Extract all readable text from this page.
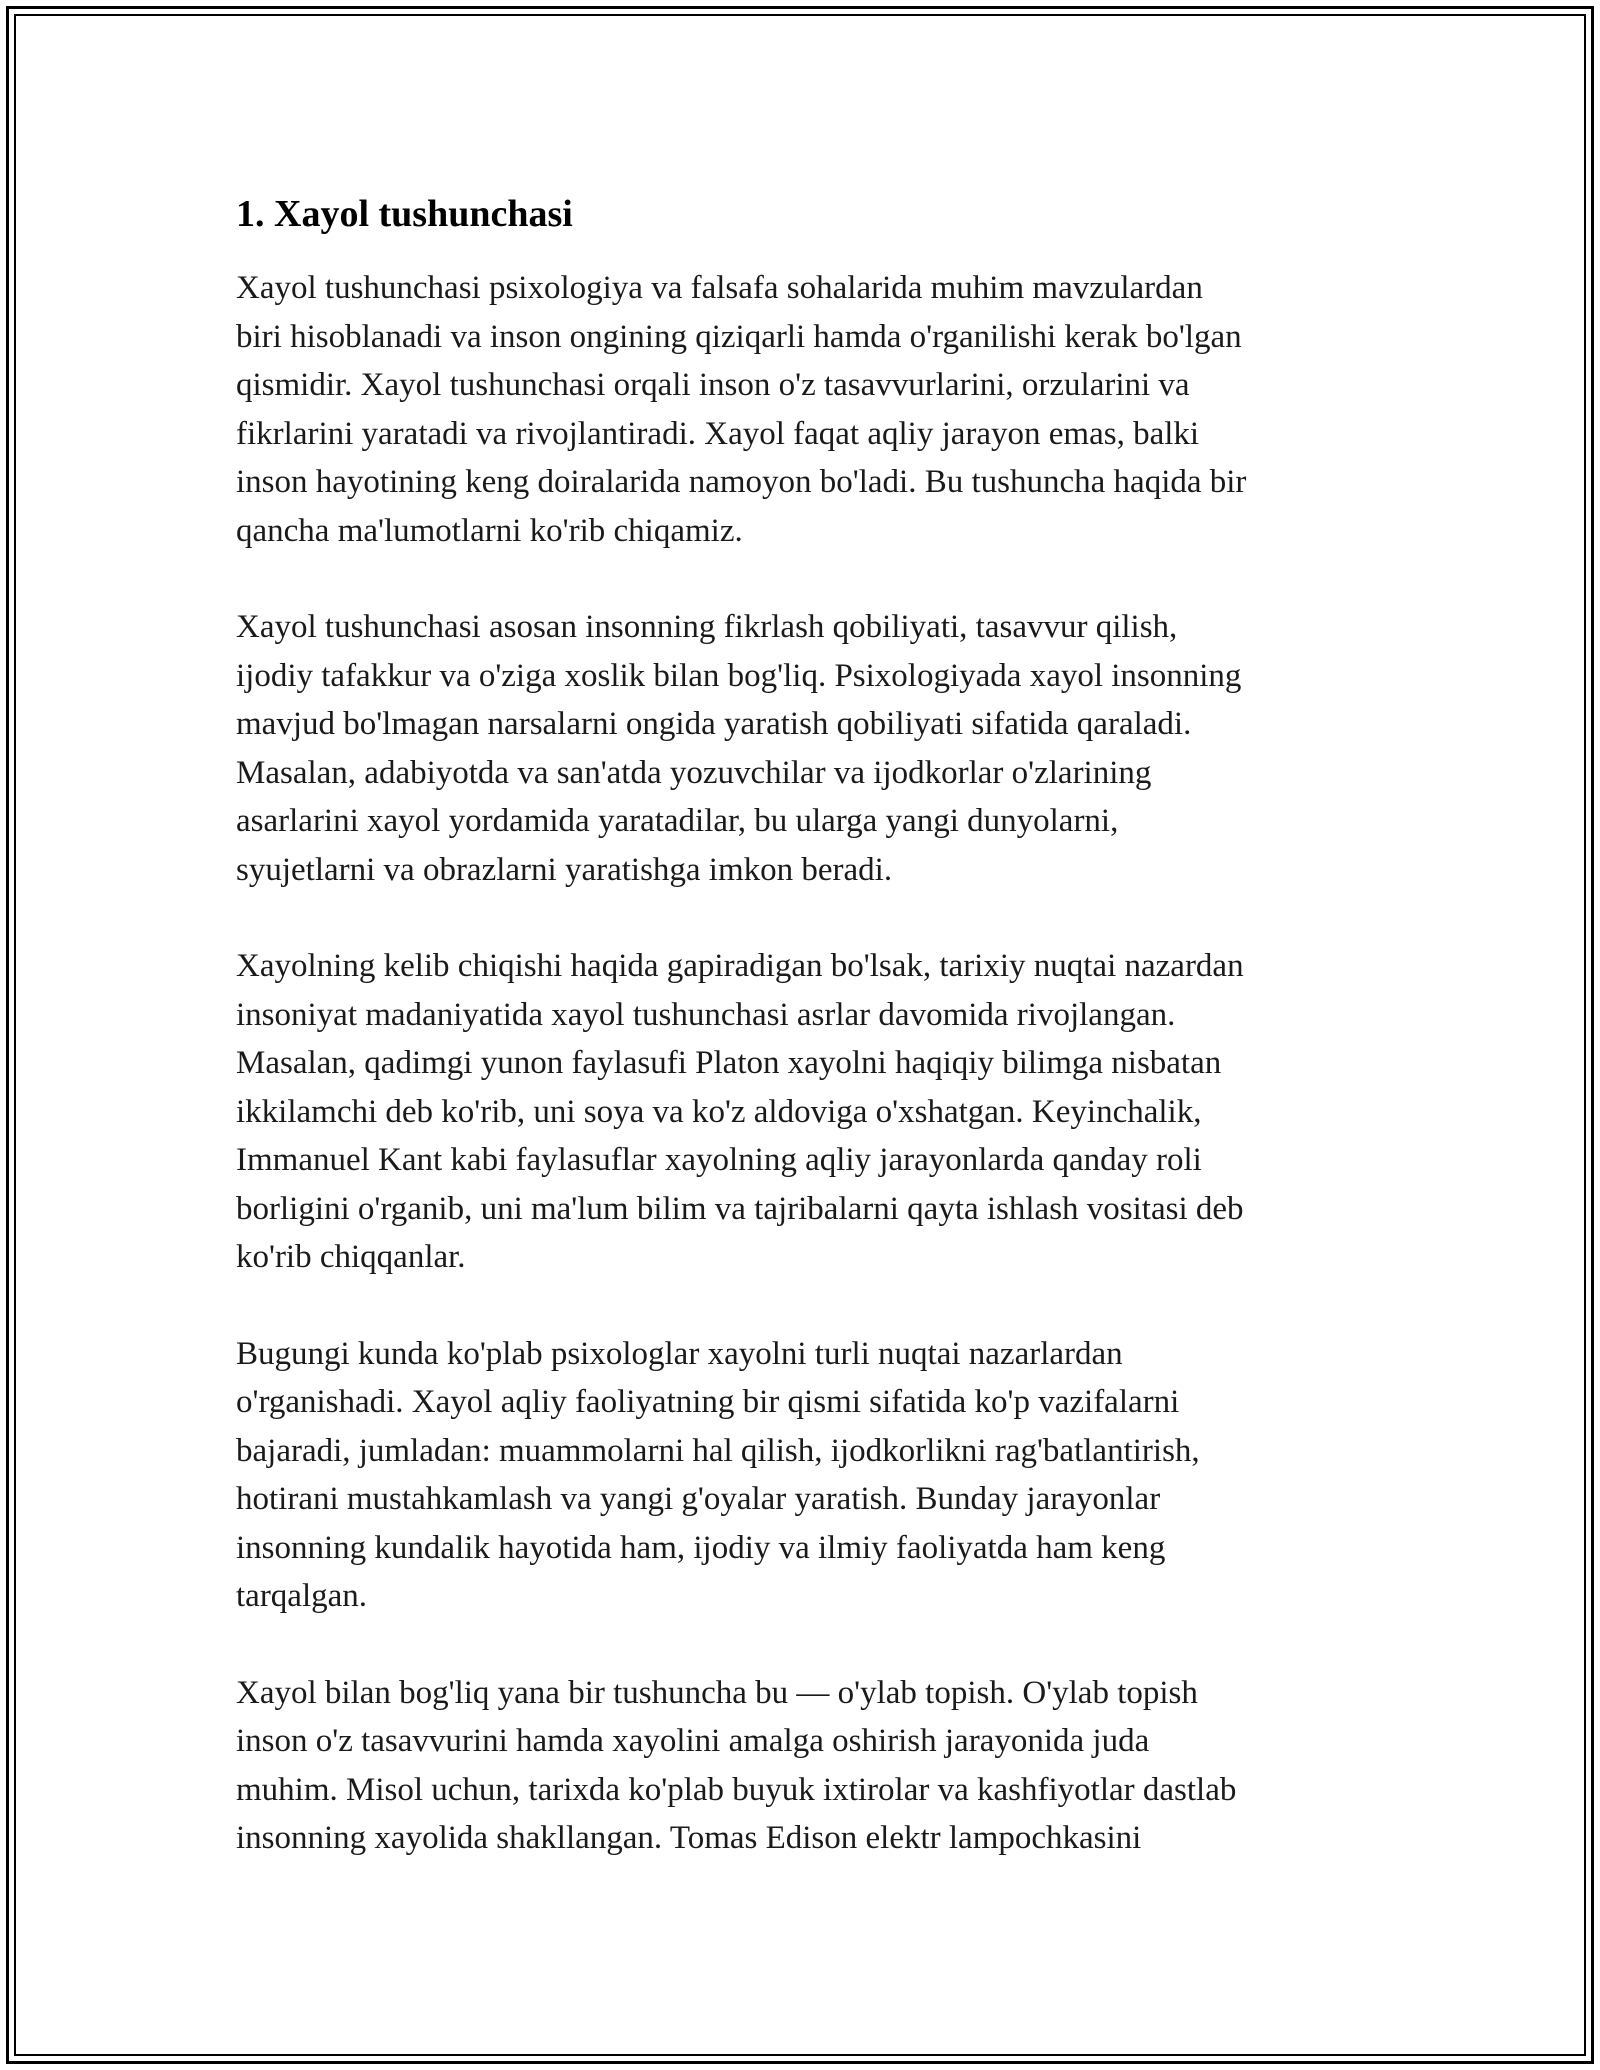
1. Xayol tushunchasi

Xayol tushunchasi psixologiya va falsafa sohalarida muhim mavzulardan
biri hisoblanadi va inson ongining qiziqarli hamda o'rganilishi kerak bo'lgan
qismidir. Xayol tushunchasi orqali inson o'z tasavvurlarini, orzularini va
fikrlarini yaratadi va rivojlantiradi. Xayol faqat aqliy jarayon emas, balki
inson hayotining keng doiralarida namoyon bo'ladi. Bu tushuncha haqida bir
qancha ma'lumotlarni ko'rib chiqamiz.

Xayol tushunchasi asosan insonning fikrlash qobiliyati, tasavvur qilish,
ijodiy tafakkur va o'ziga xoslik bilan bog'liq. Psixologiyada xayol insonning
mavjud bo'lmagan narsalarni ongida yaratish qobiliyati sifatida qaraladi.
Masalan, adabiyotda va san'atda yozuvchilar va ijodkorlar o'zlarining
asarlarini xayol yordamida yaratadilar, bu ularga yangi dunyolarni,
syujetlarni va obrazlarni yaratishga imkon beradi.

Xayolning kelib chiqishi haqida gapiradigan bo'lsak, tarixiy nuqtai nazardan
insoniyat madaniyatida xayol tushunchasi asrlar davomida rivojlangan.
Masalan, qadimgi yunon faylasufi Platon xayolni haqiqiy bilimga nisbatan
ikkilamchi deb ko'rib, uni soya va ko'z aldoviga o'xshatgan. Keyinchalik,
Immanuel Kant kabi faylasuflar xayolning aqliy jarayonlarda qanday roli
borligini o'rganib, uni ma'lum bilim va tajribalarni qayta ishlash vositasi deb
ko'rib chiqqanlar.

Bugungi kunda ko'plab psixologlar xayolni turli nuqtai nazarlardan
o'rganishadi. Xayol aqliy faoliyatning bir qismi sifatida ko'p vazifalarni
bajaradi, jumladan: muammolarni hal qilish, ijodkorlikni rag'batlantirish,
hotirani mustahkamlash va yangi g'oyalar yaratish. Bunday jarayonlar
insonning kundalik hayotida ham, ijodiy va ilmiy faoliyatda ham keng
tarqalgan.

Xayol bilan bog'liq yana bir tushuncha bu — o'ylab topish. O'ylab topish
inson o'z tasavvurini hamda xayolini amalga oshirish jarayonida juda
muhim. Misol uchun, tarixda ko'plab buyuk ixtirolar va kashfiyotlar dastlab
insonning xayolida shakllangan. Tomas Edison elektr lampochkasini
